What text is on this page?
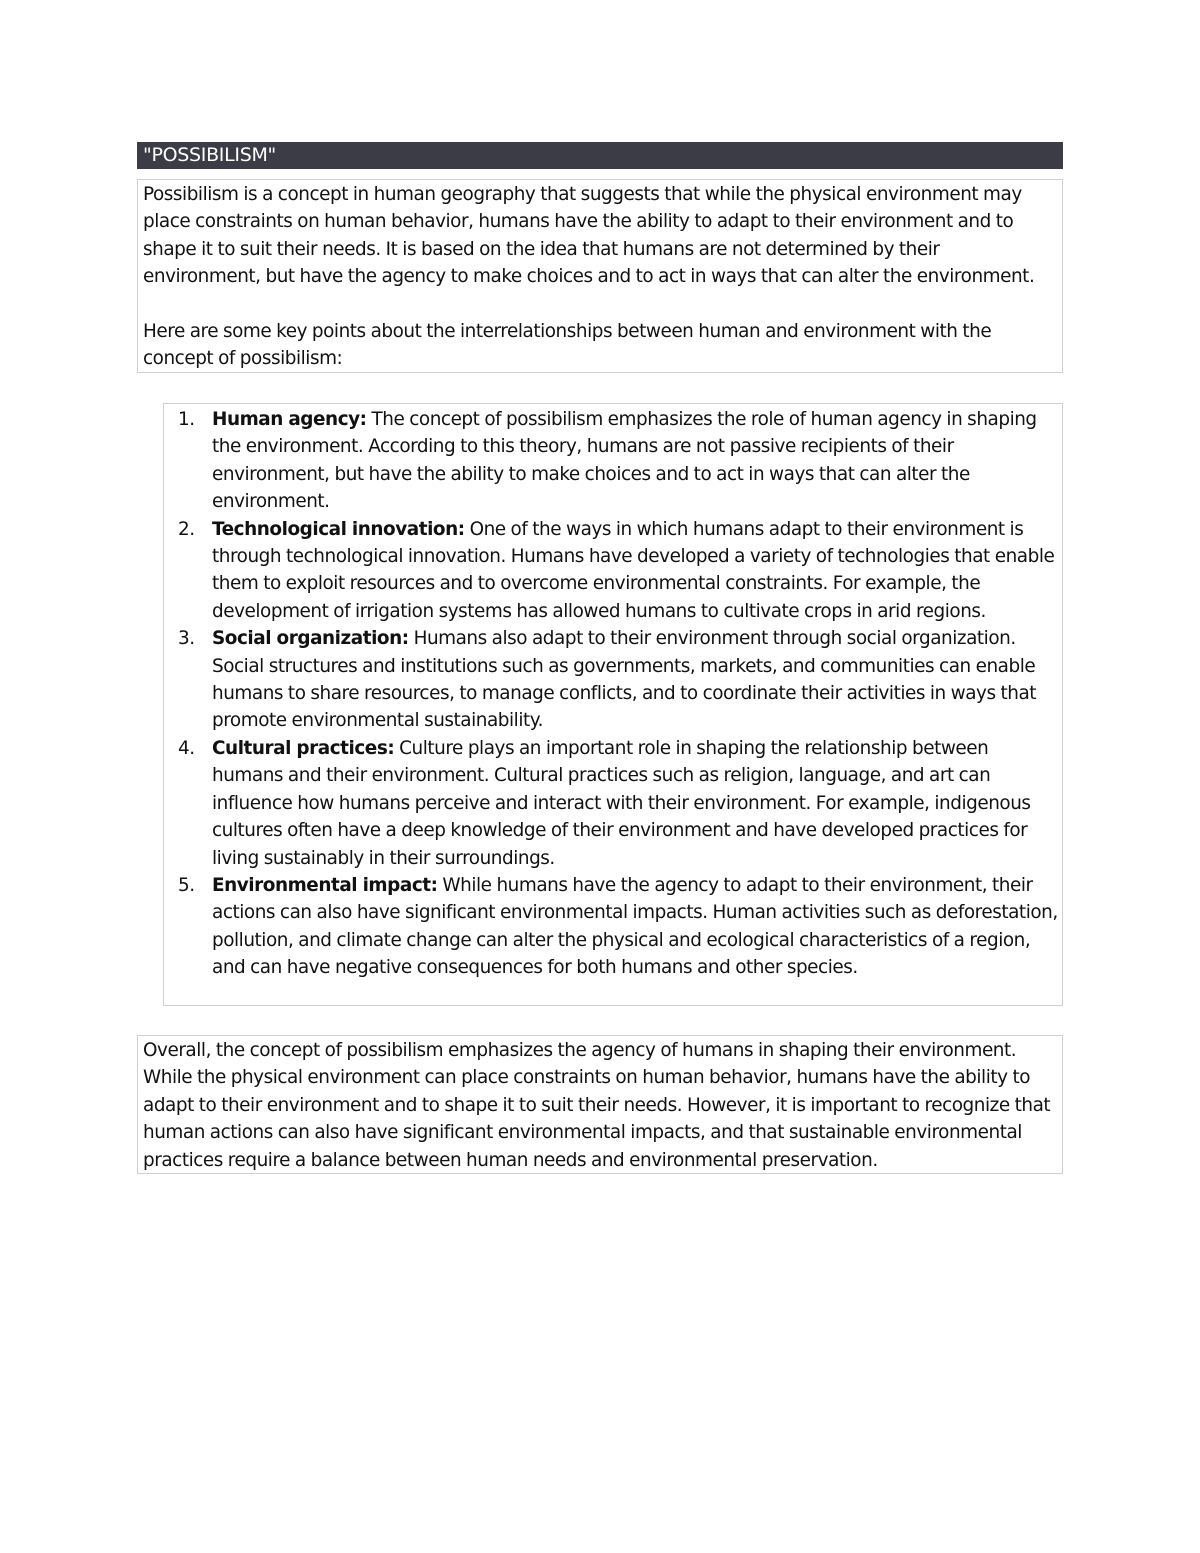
"POSSIBILISM"

Possibilism is a concept in human geography that suggests that while the physical environment may place constraints on human behavior, humans have the ability to adapt to their environment and to shape it to suit their needs. It is based on the idea that humans are not determined by their environment, but have the agency to make choices and to act in ways that can alter the environment.

Here are some key points about the interrelationships between human and environment with the concept of possibilism:

1. Human agency: The concept of possibilism emphasizes the role of human agency in shaping the environment. According to this theory, humans are not passive recipients of their environment, but have the ability to make choices and to act in ways that can alter the environment.
2. Technological innovation: One of the ways in which humans adapt to their environment is through technological innovation. Humans have developed a variety of technologies that enable them to exploit resources and to overcome environmental constraints. For example, the development of irrigation systems has allowed humans to cultivate crops in arid regions.
3. Social organization: Humans also adapt to their environment through social organization. Social structures and institutions such as governments, markets, and communities can enable humans to share resources, to manage conflicts, and to coordinate their activities in ways that promote environmental sustainability.
4. Cultural practices: Culture plays an important role in shaping the relationship between humans and their environment. Cultural practices such as religion, language, and art can influence how humans perceive and interact with their environment. For example, indigenous cultures often have a deep knowledge of their environment and have developed practices for living sustainably in their surroundings.
5. Environmental impact: While humans have the agency to adapt to their environment, their actions can also have significant environmental impacts. Human activities such as deforestation, pollution, and climate change can alter the physical and ecological characteristics of a region, and can have negative consequences for both humans and other species.

Overall, the concept of possibilism emphasizes the agency of humans in shaping their environment. While the physical environment can place constraints on human behavior, humans have the ability to adapt to their environment and to shape it to suit their needs. However, it is important to recognize that human actions can also have significant environmental impacts, and that sustainable environmental practices require a balance between human needs and environmental preservation.
